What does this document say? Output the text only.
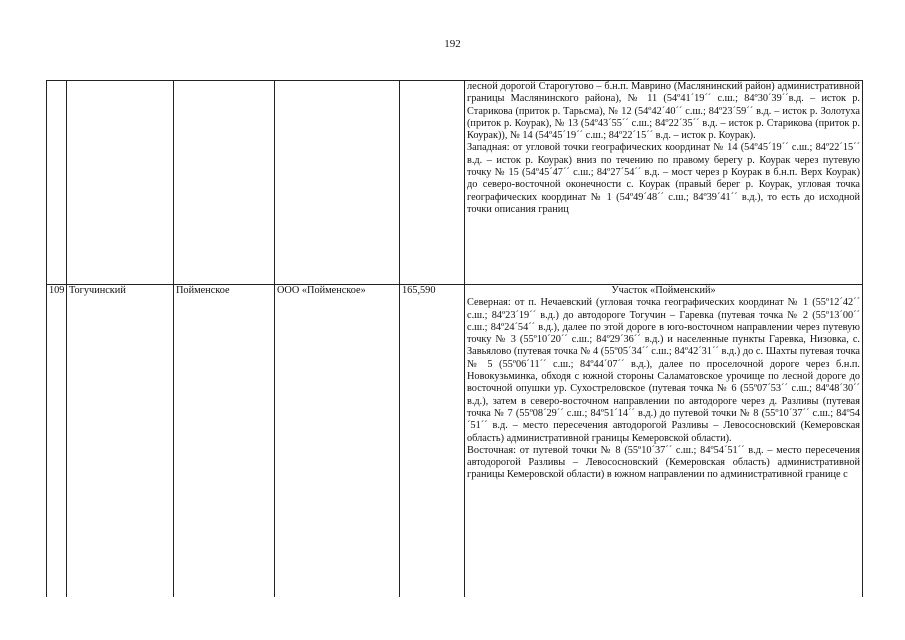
192

					лесной дорогой Старогутово – б.н.п. Маврино (Маслянинский район) административной границы Маслянинского района), № 11 (54º41´19´´ с.ш.; 84º30´39´´в.д. – исток р. Старикова (приток р. Тарьсма), № 12 (54º42´40´´ с.ш.; 84º23´59´´ в.д. – исток р. Золотуха (приток р. Коурак), № 13 (54º43´55´´ с.ш.; 84º22´35´´ в.д. – исток р. Старикова (приток р. Коурак)), № 14 (54º45´19´´ с.ш.; 84º22´15´´ в.д. – исток р. Коурак).

Западная: от угловой точки географических координат № 14 (54º45´19´´ с.ш.; 84º22´15´´ в.д. – исток р. Коурак) вниз по течению по правому берегу р. Коурак через путевую точку № 15 (54º45´47´´ с.ш.; 84º27´54´´ в.д. – мост через р Коурак в б.н.п. Верх Коурак) до северо-восточной оконечности с. Коурак (правый берег р. Коурак, угловая точка географических координат № 1 (54º49´48´´ с.ш.; 84º39´41´´ в.д.), то есть до исходной точки описания границ

109	Тогучинский	Пойменское	ООО «Пойменское»	165,590	Участок «Пойменский»

Северная: от п. Нечаевский (угловая точка географических координат № 1 (55º12´42´´ с.ш.; 84º23´19´´ в.д.) до автодороге Тогучин – Гаревка (путевая точка № 2 (55º13´00´´ с.ш.; 84º24´54´´ в.д.), далее по этой дороге в юго-восточном направлении через путевую точку № 3 (55º10´20´´ с.ш.; 84º29´36´´ в.д.) и населенные пункты Гаревка, Низовка, с. Завьялово (путевая точка № 4 (55º05´34´´ с.ш.; 84º42´31´´ в.д.) до с. Шахты путевая точка № 5 (55º06´11´´ с.ш.; 84º44´07´´ в.д.), далее по проселочной дороге через б.н.п. Новокузьминка, обходя с южной стороны Саламатовское урочище по лесной дороге до восточной опушки ур. Сухостреловское (путевая точка № 6 (55º07´53´´ с.ш.; 84º48´30´´ в.д.), затем в северо-восточном направлении по автодороге через д. Разливы (путевая точка № 7 (55º08´29´´ с.ш.; 84º51´14´´ в.д.) до путевой точки № 8 (55º10´37´´ с.ш.; 84º54´51´´ в.д. – место пересечения автодорогой Разливы – Левососновский (Кемеровская область) административной границы Кемеровской области).

Восточная: от путевой точки № 8 (55º10´37´´ с.ш.; 84º54´51´´ в.д. – место пересечения автодорогой Разливы – Левососновский (Кемеровская область) административной границы Кемеровской области) в южном направлении по административной границе с
